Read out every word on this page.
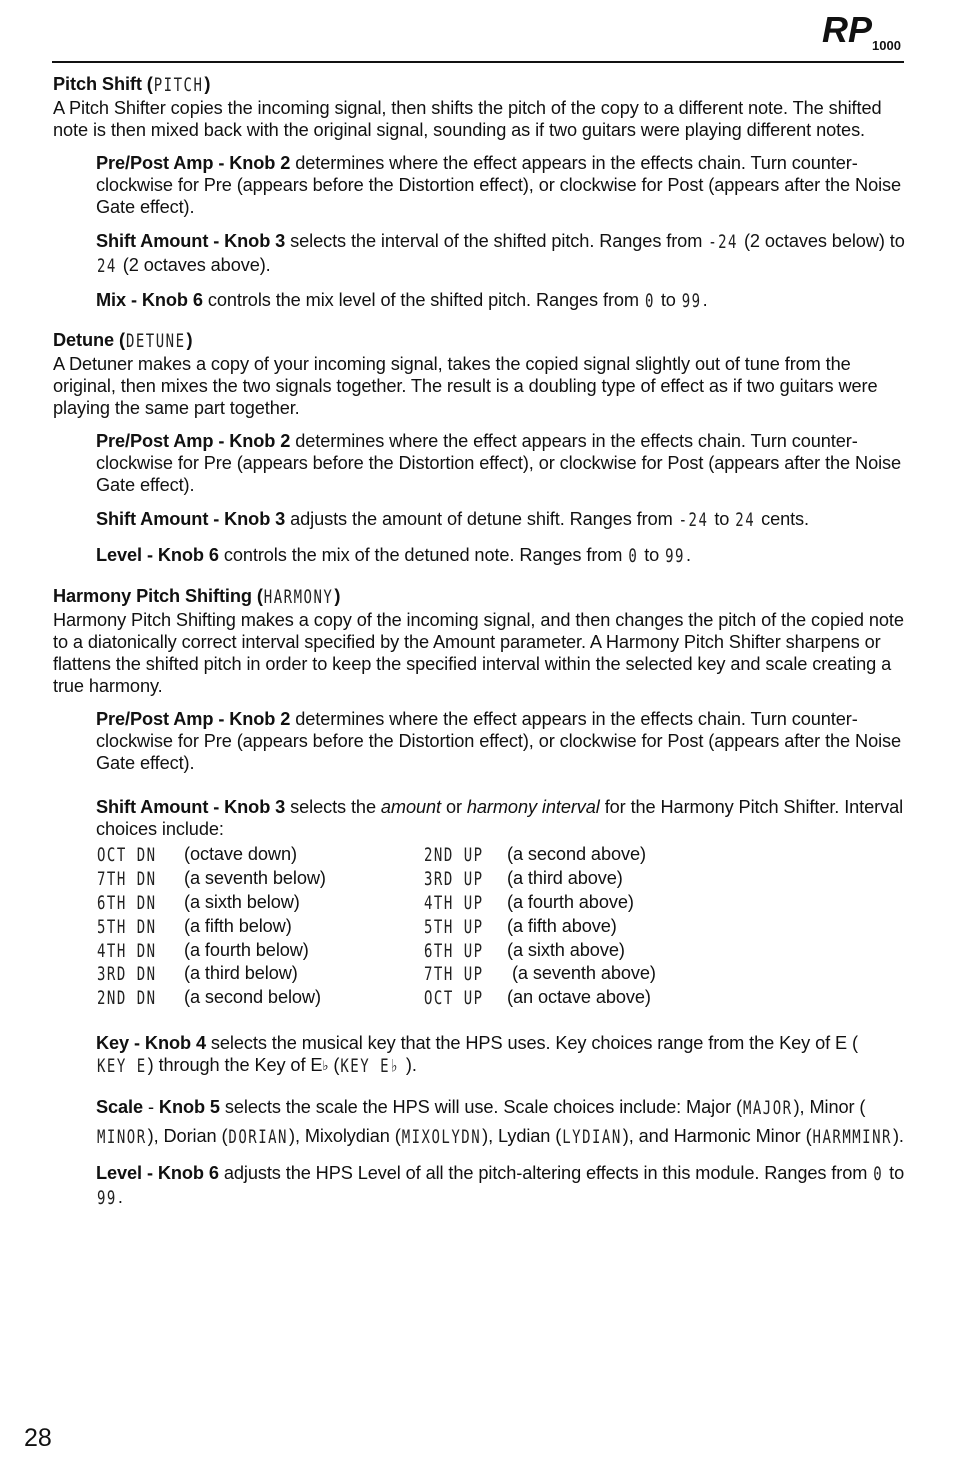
RP 1000

Pitch Shift (PITCH)

A Pitch Shifter copies the incoming signal, then shifts the pitch of the copy to a different note. The shifted note is then mixed back with the original signal, sounding as if two guitars were playing different notes.

Pre/Post Amp - Knob 2 determines where the effect appears in the effects chain. Turn counter-clockwise for Pre (appears before the Distortion effect), or clockwise for Post (appears after the Noise Gate effect).

Shift Amount - Knob 3 selects the interval of the shifted pitch. Ranges from -24 (2 octaves below) to 24 (2 octaves above).

Mix - Knob 6 controls the mix level of the shifted pitch. Ranges from 0 to 99.

Detune (DETUNE)

A Detuner makes a copy of your incoming signal, takes the copied signal slightly out of tune from the original, then mixes the two signals together. The result is a doubling type of effect as if two guitars were playing the same part together.

Pre/Post Amp - Knob 2 determines where the effect appears in the effects chain. Turn counter-clockwise for Pre (appears before the Distortion effect), or clockwise for Post (appears after the Noise Gate effect).

Shift Amount - Knob 3 adjusts the amount of detune shift. Ranges from -24 to 24 cents.

Level - Knob 6 controls the mix of the detuned note. Ranges from 0 to 99.

Harmony Pitch Shifting (HARMONY)

Harmony Pitch Shifting makes a copy of the incoming signal, and then changes the pitch of the copied note to a diatonically correct interval specified by the Amount parameter. A Harmony Pitch Shifter sharpens or flattens the shifted pitch in order to keep the specified interval within the selected key and scale creating a true harmony.

Pre/Post Amp - Knob 2 determines where the effect appears in the effects chain. Turn counter-clockwise for Pre (appears before the Distortion effect), or clockwise for Post (appears after the Noise Gate effect).

Shift Amount - Knob 3 selects the amount or harmony interval for the Harmony Pitch Shifter. Interval choices include:

OCT DN (octave down)
7TH DN (a seventh below)
6TH DN (a sixth below)
5TH DN (a fifth below)
4TH DN (a fourth below)
3RD DN (a third below)
2ND DN (a second below)
2ND UP (a second above)
3RD UP (a third above)
4TH UP (a fourth above)
5TH UP (a fifth above)
6TH UP (a sixth above)
7TH UP (a seventh above)
OCT UP (an octave above)

Key - Knob 4 selects the musical key that the HPS uses. Key choices range from the Key of E (KEY E) through the Key of E♭ (KEY E♭ ).

Scale - Knob 5 selects the scale the HPS will use. Scale choices include: Major (MAJOR), Minor (MINOR), Dorian (DORIAN), Mixolydian (MIXOLYDN), Lydian (LYDIAN), and Harmonic Minor (HARMMINR).

Level - Knob 6 adjusts the HPS Level of all the pitch-altering effects in this module. Ranges from 0 to 99.

28
